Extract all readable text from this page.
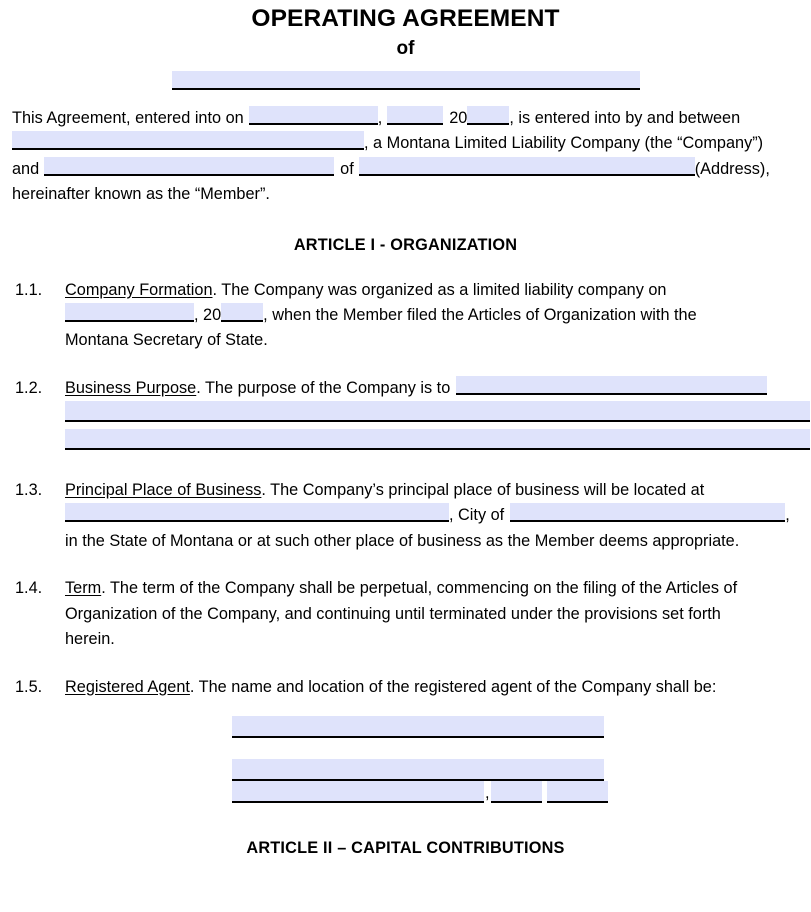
OPERATING AGREEMENT
of
This Agreement, entered into on	,	20	, is entered into by and between
, a Montana Limited Liability Company (the “Company”)
and	of	(Address),
hereinafter known as the “Member”.
ARTICLE I - ORGANIZATION
1.1. Company Formation. The Company was organized as a limited liability company on
, 20	, when the Member filed the Articles of Organization with the
Montana Secretary of State.
1.2. Business Purpose. The purpose of the Company is to
1.3. Principal Place of Business. The Company’s principal place of business will be located at
, City of	,
in the State of Montana or at such other place of business as the Member deems appropriate.
1.4. Term. The term of the Company shall be perpetual, commencing on the filing of the Articles of
Organization of the Company, and continuing until terminated under the provisions set forth
herein.
1.5. Registered Agent. The name and location of the registered agent of the Company shall be:
,
ARTICLE II – CAPITAL CONTRIBUTIONS
